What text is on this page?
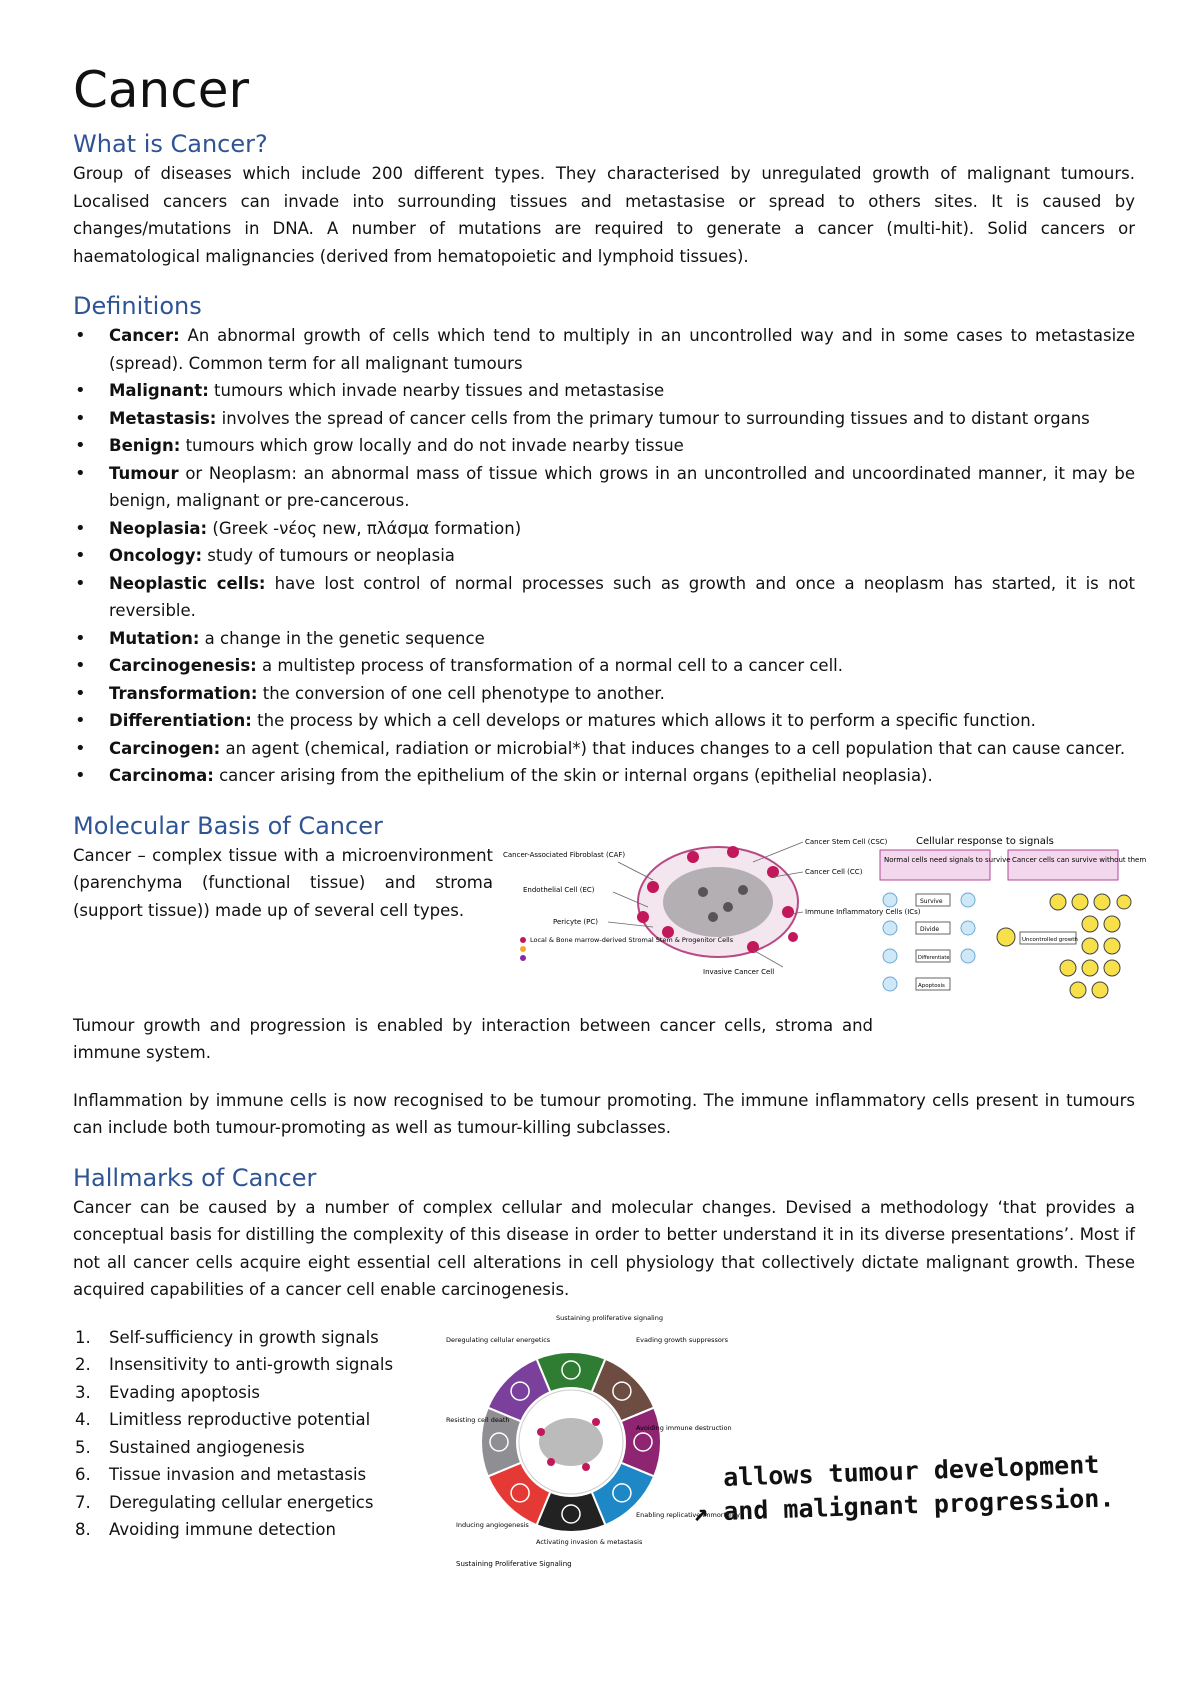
Cancer
What is Cancer?

Group of diseases which include 200 different types. They characterised by unregulated growth of malignant tumours. Localised cancers can invade into surrounding tissues and metastasise or spread to others sites. It is caused by changes/mutations in DNA. A number of mutations are required to generate a cancer (multi-hit). Solid cancers or haematological malignancies (derived from hematopoietic and lymphoid tissues).

Definitions
• Cancer: An abnormal growth of cells which tend to multiply in an uncontrolled way and in some cases to metastasize (spread). Common term for all malignant tumours
• Malignant: tumours which invade nearby tissues and metastasise
• Metastasis: involves the spread of cancer cells from the primary tumour to surrounding tissues and to distant organs
• Benign: tumours which grow locally and do not invade nearby tissue
• Tumour or Neoplasm: an abnormal mass of tissue which grows in an uncontrolled and uncoordinated manner, it may be benign, malignant or pre-cancerous.
• Neoplasia: (Greek -νέος new, πλάσμα formation)
• Oncology: study of tumours or neoplasia
• Neoplastic cells: have lost control of normal processes such as growth and once a neoplasm has started, it is not reversible.
• Mutation: a change in the genetic sequence
• Carcinogenesis: a multistep process of transformation of a normal cell to a cancer cell.
• Transformation: the conversion of one cell phenotype to another.
• Differentiation: the process by which a cell develops or matures which allows it to perform a specific function.
• Carcinogen: an agent (chemical, radiation or microbial*) that induces changes to a cell population that can cause cancer.
• Carcinoma: cancer arising from the epithelium of the skin or internal organs (epithelial neoplasia).
Molecular Basis of Cancer

Cancer – complex tissue with a microenvironment (parenchyma (functional tissue) and stroma (support tissue)) made up of several cell types.

Cancer Stem Cell (CSC)
Cancer-Associated Fibroblast (CAF)
Cancer Cell (CC)
Endothelial Cell (EC)
Immune Inflammatory Cells (ICs)
Pericyte (PC)
Local & Bone marrow-derived Stromal Stem & Progenitor Cells
Invasive Cancer Cell
Cellular response to signals
Normal cells need signals to survive Cancer cells can survive without them
Survive
Divide
Differentiate
Apoptosis
Uncontrolled growth

Tumour growth and progression is enabled by interaction between cancer cells, stroma and immune system.

Inflammation by immune cells is now recognised to be tumour promoting. The immune inflammatory cells present in tumours can include both tumour-promoting as well as tumour-killing subclasses.

Hallmarks of Cancer

Cancer can be caused by a number of complex cellular and molecular changes. Devised a methodology ‘that provides a conceptual basis for distilling the complexity of this disease in order to better understand it in its diverse presentations’. Most if not all cancer cells acquire eight essential cell alterations in cell physiology that collectively dictate malignant growth. These acquired capabilities of a cancer cell enable carcinogenesis.

1. Self-sufficiency in growth signals
2. Insensitivity to anti-growth signals
3. Evading apoptosis
4. Limitless reproductive potential
5. Sustained angiogenesis
6. Tissue invasion and metastasis
7. Deregulating cellular energetics
8. Avoiding immune detection
Sustaining proliferative signaling
Evading growth suppressors
Deregulating cellular energetics
Resisting cell death
Avoiding immune destruction
Inducing angiogenesis
Enabling replicative immortality
Activating invasion & metastasis
Sustaining Proliferative Signaling
allows tumour development
↗ and malignant progression.
